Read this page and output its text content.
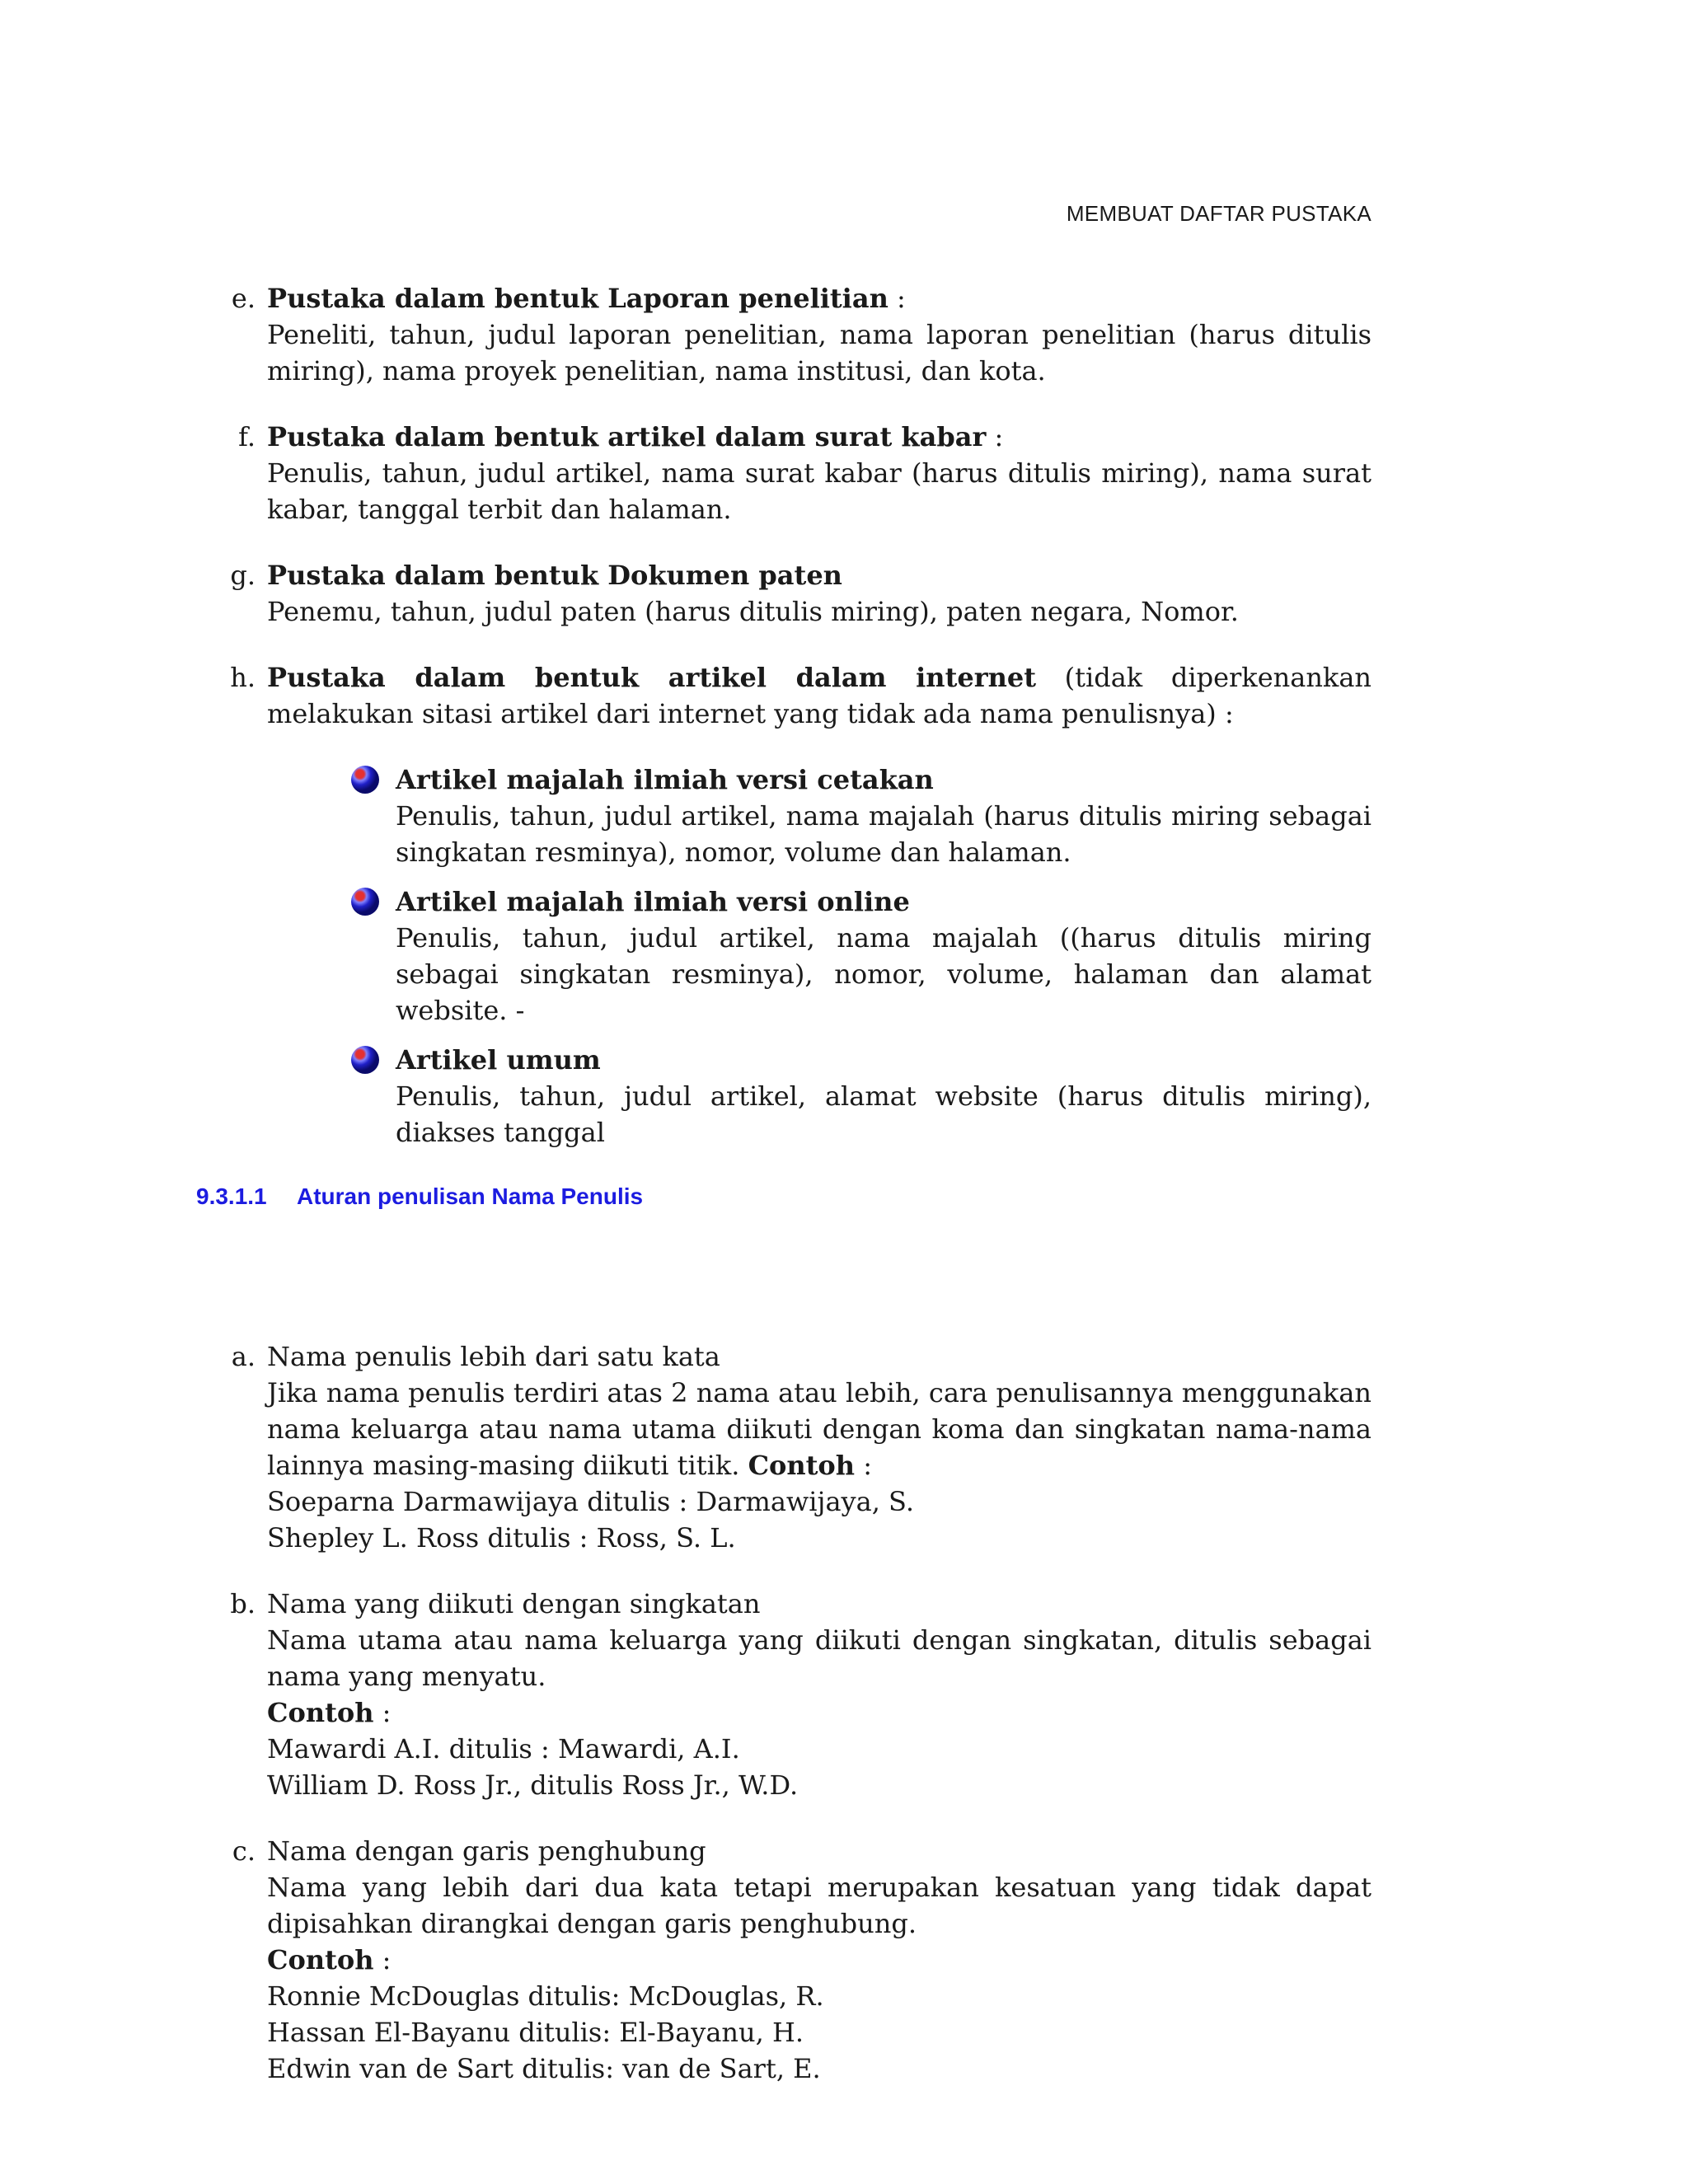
MEMBUAT DAFTAR PUSTAKA
e. Pustaka dalam bentuk Laporan penelitian :
Peneliti, tahun, judul laporan penelitian, nama laporan penelitian (harus ditulis miring), nama proyek penelitian, nama institusi, dan kota.
f. Pustaka dalam bentuk artikel dalam surat kabar :
Penulis, tahun, judul artikel, nama surat kabar (harus ditulis miring), nama surat kabar, tanggal terbit dan halaman.
g. Pustaka dalam bentuk Dokumen paten
Penemu, tahun, judul paten (harus ditulis miring), paten negara, Nomor.
h. Pustaka dalam bentuk artikel dalam internet (tidak diperkenankan melakukan sitasi artikel dari internet yang tidak ada nama penulisnya) :
Artikel majalah ilmiah versi cetakan
Penulis, tahun, judul artikel, nama majalah (harus ditulis miring sebagai singkatan resminya), nomor, volume dan halaman.
Artikel majalah ilmiah versi online
Penulis, tahun, judul artikel, nama majalah ((harus ditulis miring sebagai singkatan resminya), nomor, volume, halaman dan alamat website. -
Artikel umum
Penulis, tahun, judul artikel, alamat website (harus ditulis miring), diakses tanggal
9.3.1.1 Aturan penulisan Nama Penulis
a. Nama penulis lebih dari satu kata
Jika nama penulis terdiri atas 2 nama atau lebih, cara penulisannya menggunakan nama keluarga atau nama utama diikuti dengan koma dan singkatan nama-nama lainnya masing-masing diikuti titik. Contoh :
Soeparna Darmawijaya ditulis : Darmawijaya, S.
Shepley L. Ross ditulis : Ross, S. L.
b. Nama yang diikuti dengan singkatan
Nama utama atau nama keluarga yang diikuti dengan singkatan, ditulis sebagai nama yang menyatu.
Contoh :
Mawardi A.I. ditulis : Mawardi, A.I.
William D. Ross Jr., ditulis Ross Jr., W.D.
c. Nama dengan garis penghubung
Nama yang lebih dari dua kata tetapi merupakan kesatuan yang tidak dapat dipisahkan dirangkai dengan garis penghubung.
Contoh :
Ronnie McDouglas ditulis: McDouglas, R.
Hassan El-Bayanu ditulis: El-Bayanu, H.
Edwin van de Sart ditulis: van de Sart, E.
